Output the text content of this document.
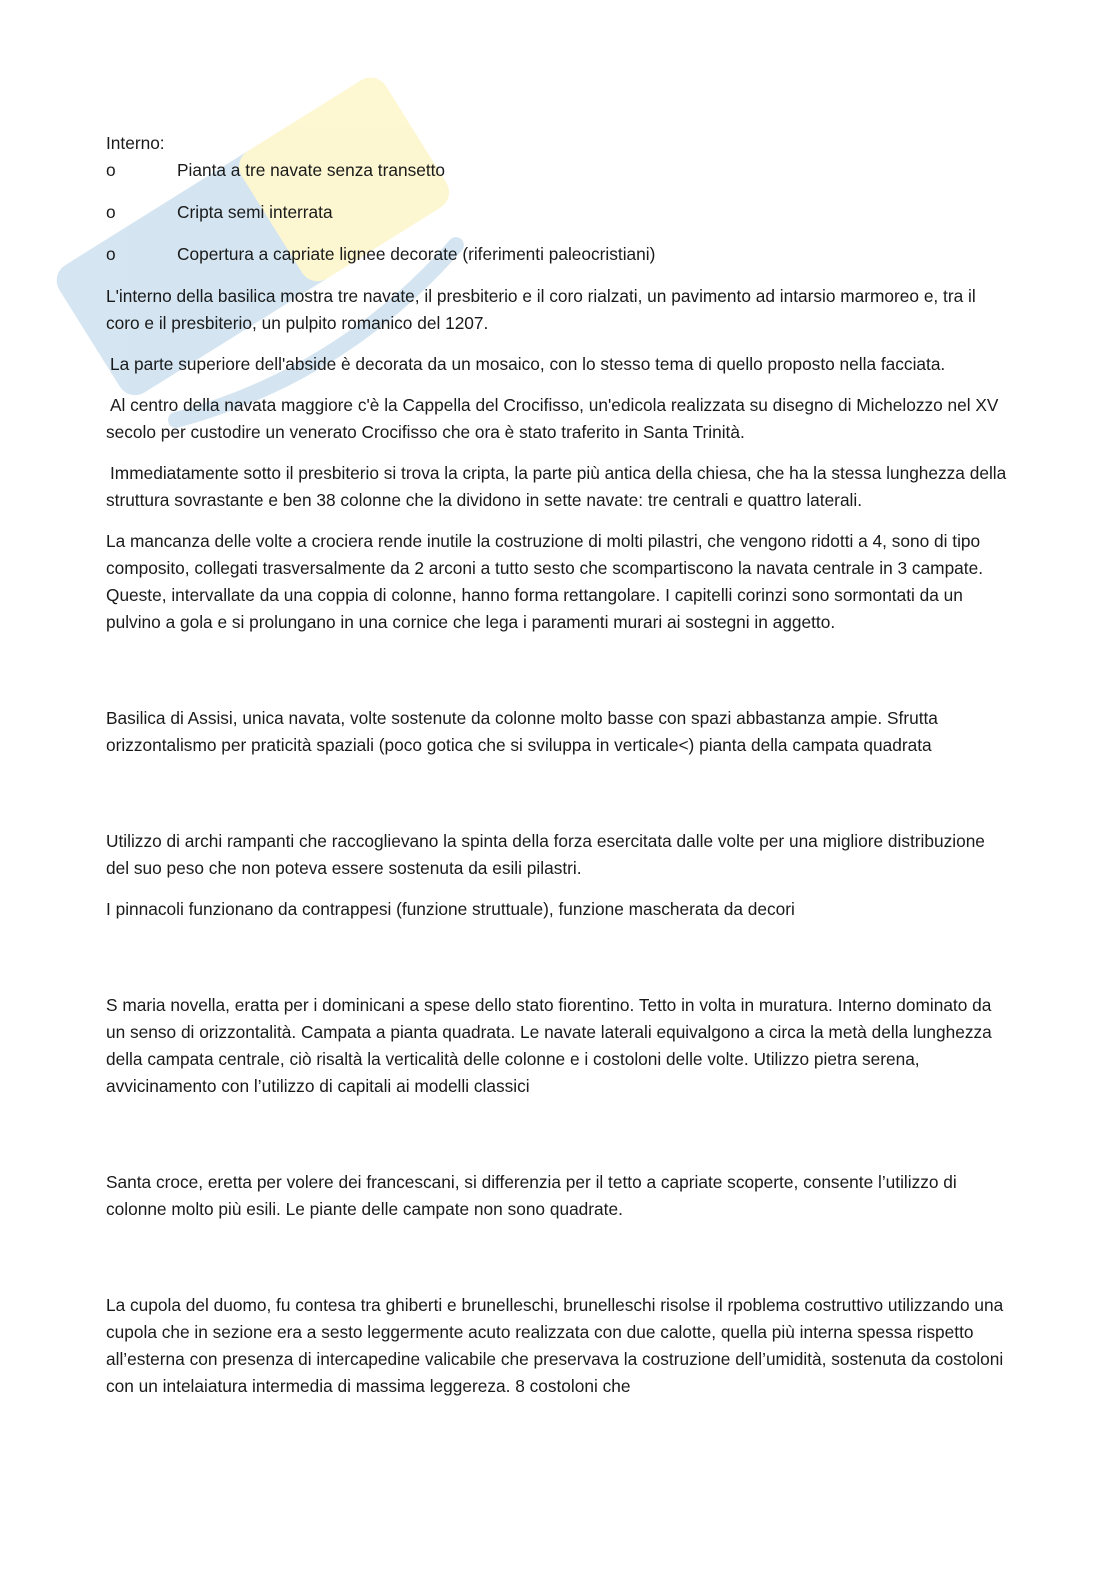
Interno:

o	Pianta a tre navate senza transetto
o	Cripta semi interrata
o	Copertura a capriate lignee decorate (riferimenti paleocristiani)

L'interno della basilica mostra tre navate, il presbiterio e il coro rialzati, un pavimento ad intarsio marmoreo e, tra il coro e il presbiterio, un pulpito romanico del 1207.

La parte superiore dell'abside è decorata da un mosaico, con lo stesso tema di quello proposto nella facciata.

Al centro della navata maggiore c'è la Cappella del Crocifisso, un'edicola realizzata su disegno di Michelozzo nel XV secolo per custodire un venerato Crocifisso che ora è stato traferito in Santa Trinità.

Immediatamente sotto il presbiterio si trova la cripta, la parte più antica della chiesa, che ha la stessa lunghezza della struttura sovrastante e ben 38 colonne che la dividono in sette navate: tre centrali e quattro laterali.

La mancanza delle volte a crociera rende inutile la costruzione di molti pilastri, che vengono ridotti a 4, sono di tipo composito, collegati trasversalmente da 2 arconi a tutto sesto che scompartiscono la navata centrale in 3 campate. Queste, intervallate da una coppia di colonne, hanno forma rettangolare. I capitelli corinzi sono sormontati da un pulvino a gola e si prolungano in una cornice che lega i paramenti murari ai sostegni in aggetto.

Basilica di Assisi, unica navata, volte sostenute da colonne molto basse con spazi abbastanza ampie. Sfrutta orizzontalismo per praticità spaziali (poco gotica che si sviluppa in verticale<) pianta della campata quadrata

Utilizzo di archi rampanti che raccoglievano la spinta della forza esercitata dalle volte per una migliore distribuzione del suo peso che non poteva essere sostenuta da esili pilastri.

I pinnacoli funzionano da contrappesi (funzione struttuale), funzione mascherata da decori

S maria novella, eratta per i dominicani a spese dello stato fiorentino. Tetto in volta in muratura. Interno dominato da un senso di orizzontalità. Campata a pianta quadrata. Le navate laterali equivalgono a circa la metà della lunghezza della campata centrale, ciò risaltà la verticalità delle colonne e i costoloni delle volte. Utilizzo pietra serena, avvicinamento con l’utilizzo di capitali ai modelli classici

Santa croce, eretta per volere dei francescani, si differenzia per il tetto a capriate scoperte, consente l’utilizzo di colonne molto più esili. Le piante delle campate non sono quadrate.

La cupola del duomo, fu contesa tra ghiberti e brunelleschi, brunelleschi risolse il rpoblema costruttivo utilizzando una cupola che in sezione era a sesto leggermente acuto realizzata con due calotte, quella più interna spessa rispetto all’esterna con presenza di intercapedine valicabile che preservava la costruzione dell’umidità, sostenuta da costoloni con un intelaiatura intermedia di massima leggereza. 8 costoloni che
